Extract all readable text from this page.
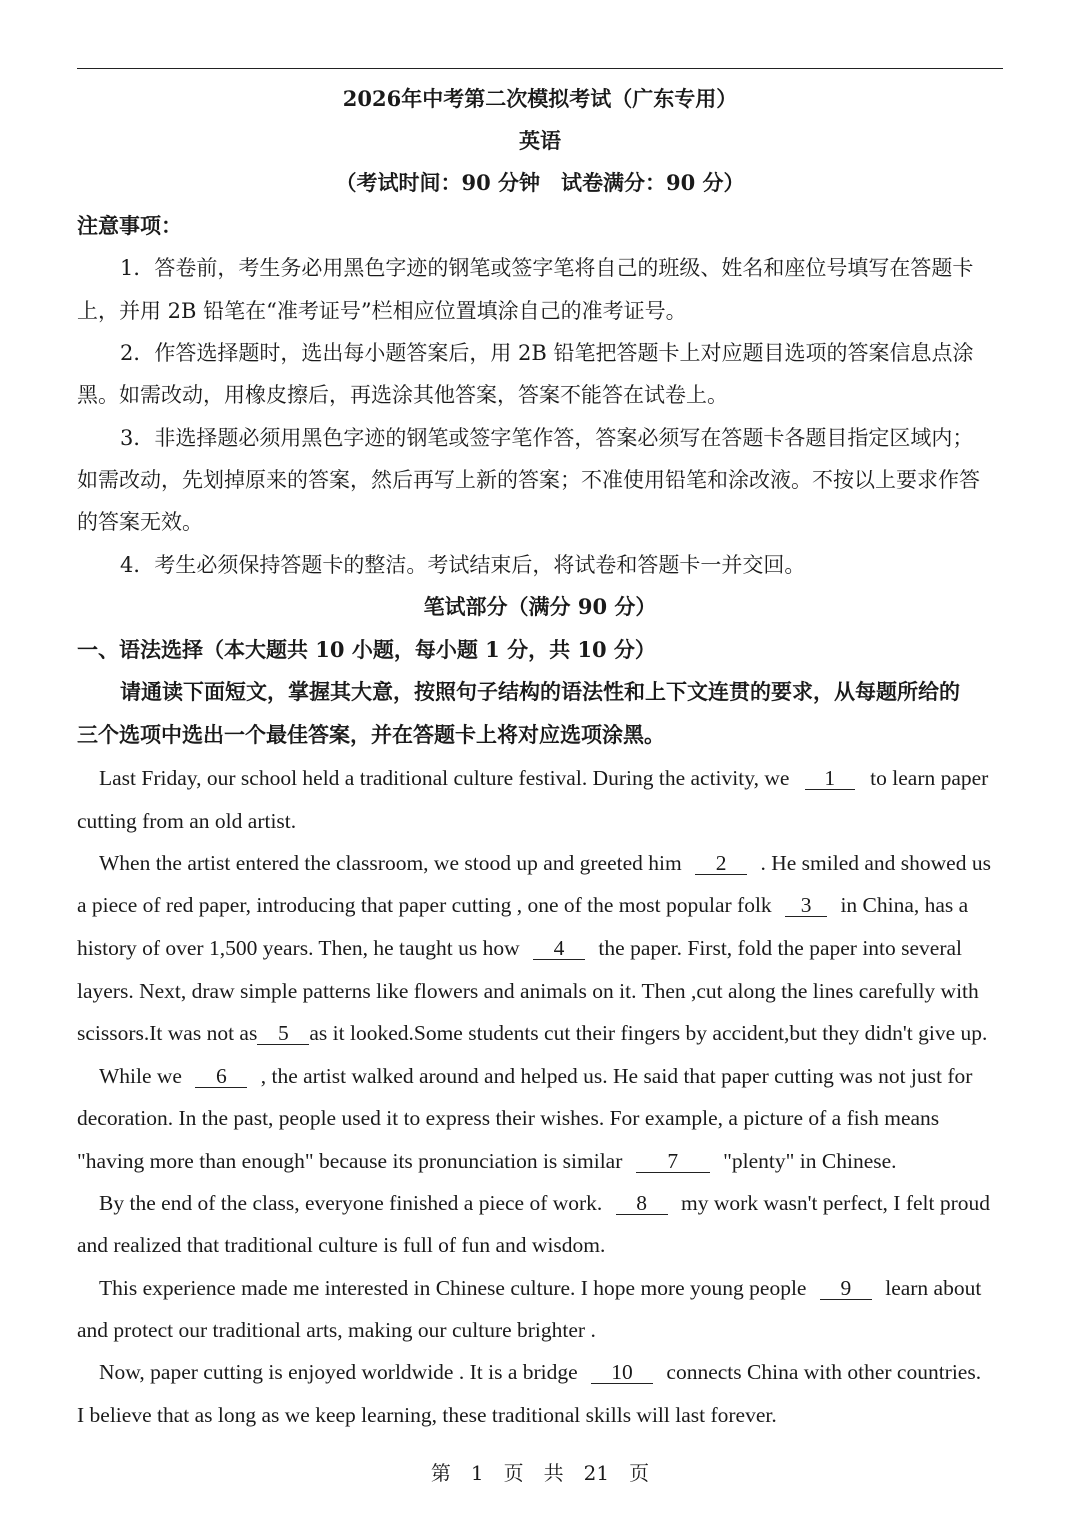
2026年中考第二次模拟考试（广东专用）
英语
（考试时间：90 分钟　试卷满分：90 分）
注意事项：
1．答卷前，考生务必用黑色字迹的钢笔或签字笔将自己的班级、姓名和座位号填写在答题卡
上，并用 2B 铅笔在“准考证号”栏相应位置填涂自己的准考证号。
2．作答选择题时，选出每小题答案后，用 2B 铅笔把答题卡上对应题目选项的答案信息点涂
黑。如需改动，用橡皮擦后，再选涂其他答案，答案不能答在试卷上。
3．非选择题必须用黑色字迹的钢笔或签字笔作答，答案必须写在答题卡各题目指定区域内；
如需改动，先划掉原来的答案，然后再写上新的答案；不准使用铅笔和涂改液。不按以上要求作答
的答案无效。
4．考生必须保持答题卡的整洁。考试结束后，将试卷和答题卡一并交回。
笔试部分（满分 90 分）
一、语法选择（本大题共 10 小题，每小题 1 分，共 10 分）
请通读下面短文，掌握其大意，按照句子结构的语法性和上下文连贯的要求，从每题所给的
三个选项中选出一个最佳答案，并在答题卡上将对应选项涂黑。
Last Friday, our school held a traditional culture festival. During the activity, we 1 to learn paper
cutting from an old artist.
When the artist entered the classroom, we stood up and greeted him 2 . He smiled and showed us
a piece of red paper, introducing that paper cutting , one of the most popular folk 3 in China, has a
history of over 1,500 years. Then, he taught us how 4 the paper. First, fold the paper into several
layers. Next, draw simple patterns like flowers and animals on it. Then ,cut along the lines carefully with
scissors.It was not as 5 as it looked.Some students cut their fingers by accident,but they didn't give up.
While we 6 , the artist walked around and helped us. He said that paper cutting was not just for
decoration. In the past, people used it to express their wishes. For example, a picture of a fish means
"having more than enough" because its pronunciation is similar 7 "plenty" in Chinese.
By the end of the class, everyone finished a piece of work. 8 my work wasn't perfect, I felt proud
and realized that traditional culture is full of fun and wisdom.
This experience made me interested in Chinese culture. I hope more young people 9 learn about
and protect our traditional arts, making our culture brighter .
Now, paper cutting is enjoyed worldwide . It is a bridge 10 connects China with other countries.
I believe that as long as we keep learning, these traditional skills will last forever.
第　1　页　共　21　页
